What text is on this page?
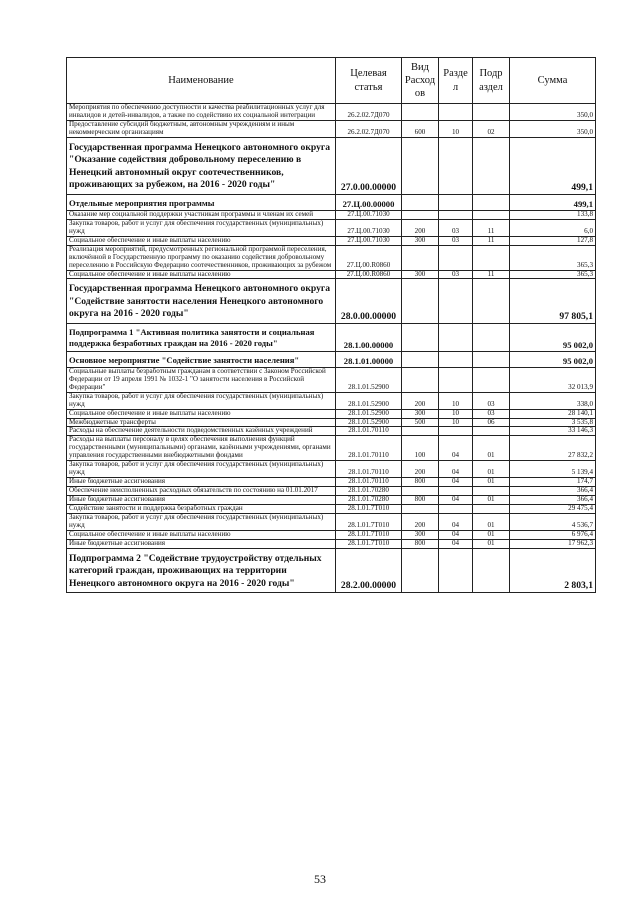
Наименование	Целевая статья	Вид Расход ов	Разде л	Подр аздел	Сумма
Мероприятия по обеспечению доступности и качества реабилитационных услуг для инвалидов и детей-инвалидов, а также по содействию их социальной интеграции	26.2.02.7Д070				350,0
Предоставление субсидий бюджетным, автономным учреждениям и иным некоммерческим организациям	26.2.02.7Д070	600	10	02	350,0
Государственная программа Ненецкого автономного округа "Оказание содействия добровольному переселению в Ненецкий автономный округ соотечественников, проживающих за рубежом, на 2016 - 2020 годы"	27.0.00.00000				499,1
Отдельные мероприятия программы	27.Ц.00.00000				499,1
Оказание мер социальной поддержки участникам программы и членам их семей	27.Ц.00.71030				133,8
Закупка товаров, работ и услуг для обеспечения государственных (муниципальных) нужд	27.Ц.00.71030	200	03	11	6,0
Социальное обеспечение и иные выплаты населению	27.Ц.00.71030	300	03	11	127,8
Реализация мероприятий, предусмотренных региональной программой переселения, включённой в Государственную программу по оказанию содействия добровольному переселению в Российскую Федерацию соотечественников, проживающих за рубежом	27.Ц.00.R0860				365,3
Социальное обеспечение и иные выплаты населению	27.Ц.00.R0860	300	03	11	365,3
Государственная программа Ненецкого автономного округа "Содействие занятости населения Ненецкого автономного округа на 2016 - 2020 годы"	28.0.00.00000				97 805,1
Подпрограмма 1 "Активная политика занятости и социальная поддержка безработных граждан на 2016 - 2020 годы"	28.1.00.00000				95 002,0
Основное мероприятие "Содействие занятости населения"	28.1.01.00000				95 002,0
Социальные выплаты безработным гражданам в соответствии с Законом Российской Федерации от 19 апреля 1991 № 1032-1 "О занятости населения в Российской Федерации"	28.1.01.52900				32 013,9
Закупка товаров, работ и услуг для обеспечения государственных (муниципальных) нужд	28.1.01.52900	200	10	03	338,0
Социальное обеспечение и иные выплаты населению	28.1.01.52900	300	10	03	28 140,1
Межбюджетные трансферты	28.1.01.52900	500	10	06	3 535,8
Расходы на обеспечение деятельности подведомственных казённых учреждений	28.1.01.70110				33 146,3
Расходы на выплаты персоналу в целях обеспечения выполнения функций государственными (муниципальными) органами, казёнными учреждениями, органами управления государственными внебюджетными фондами	28.1.01.70110	100	04	01	27 832,2
Закупка товаров, работ и услуг для обеспечения государственных (муниципальных) нужд	28.1.01.70110	200	04	01	5 139,4
Иные бюджетные ассигнования	28.1.01.70110	800	04	01	174,7
Обеспечение неисполненных расходных обязательств по состоянию на 01.01.2017	28.1.01.70280				366,4
Иные бюджетные ассигнования	28.1.01.70280	800	04	01	366,4
Содействие занятости и поддержка безработных граждан	28.1.01.7Т010				29 475,4
Закупка товаров, работ и услуг для обеспечения государственных (муниципальных) нужд	28.1.01.7Т010	200	04	01	4 536,7
Социальное обеспечение и иные выплаты населению	28.1.01.7Т010	300	04	01	6 976,4
Иные бюджетные ассигнования	28.1.01.7Т010	800	04	01	17 962,3
Подпрограмма 2 "Содействие трудоустройству отдельных категорий граждан, проживающих на территории Ненецкого автономного округа на 2016 - 2020 годы"	28.2.00.00000				2 803,1
53
